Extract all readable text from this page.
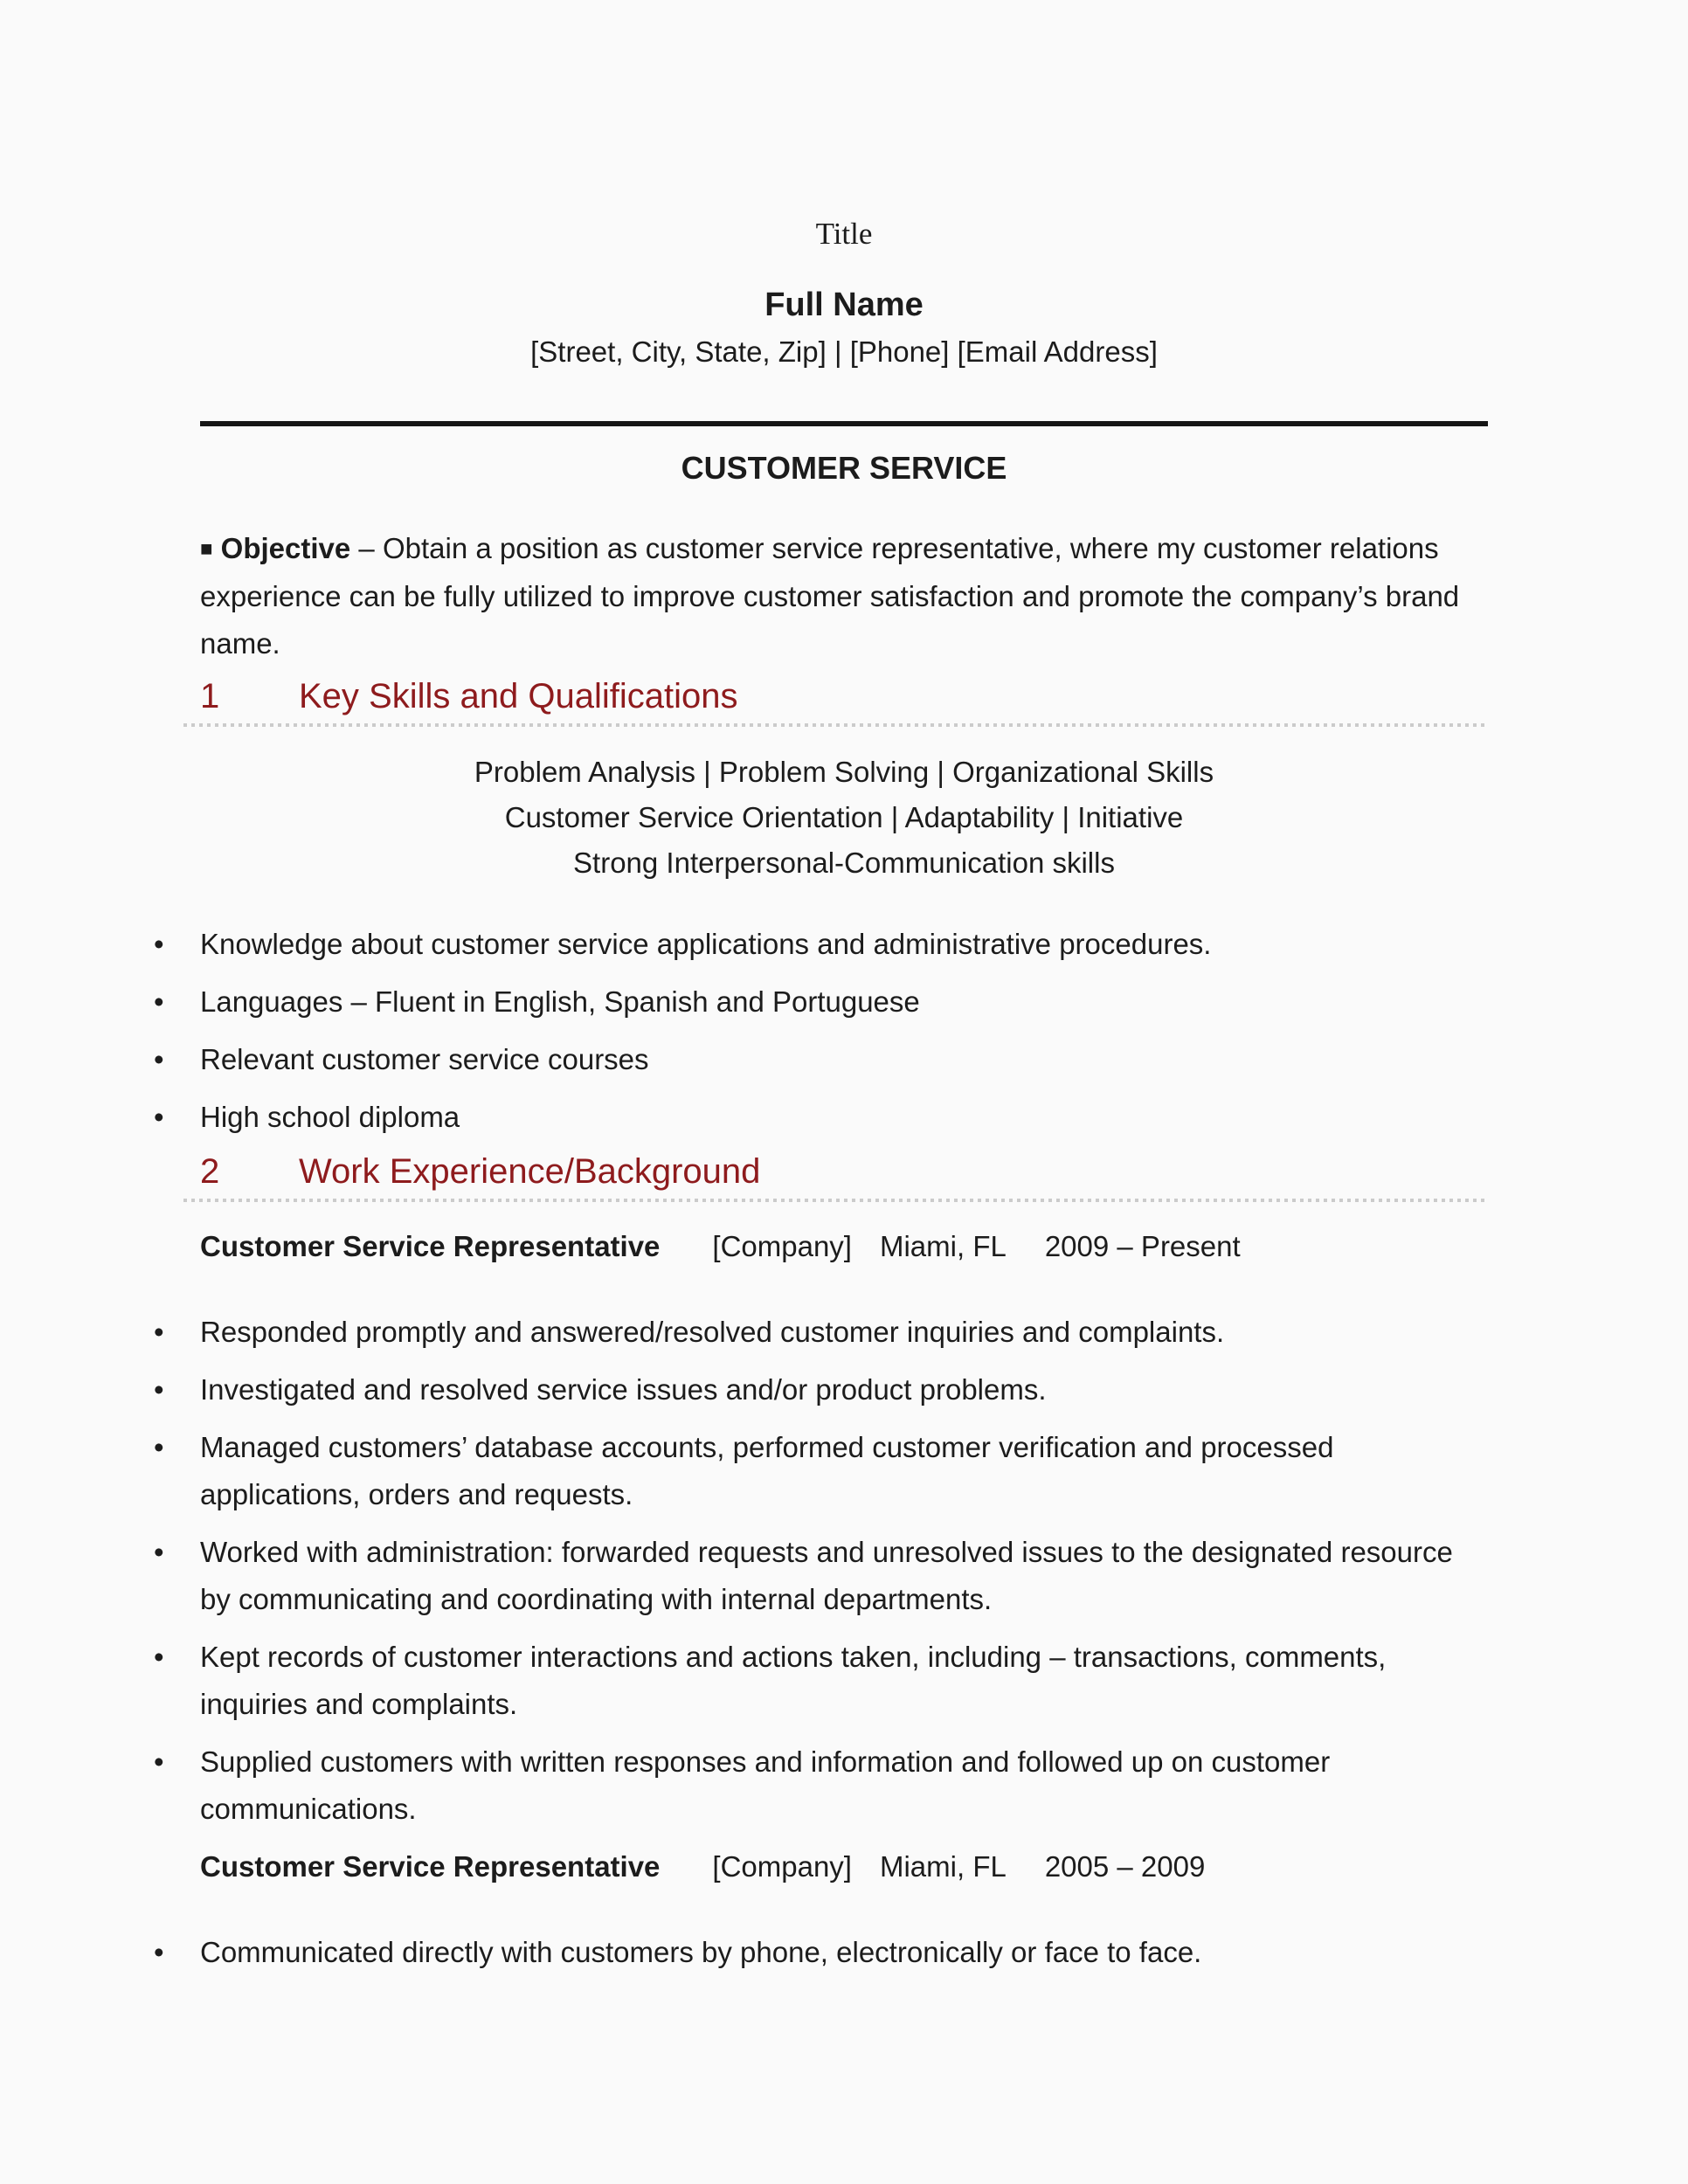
Title
Full Name
[Street, City, State, Zip] | [Phone] [Email Address]
CUSTOMER SERVICE

■ Objective – Obtain a position as customer service representative, where my customer relations experience can be fully utilized to improve customer satisfaction and promote the company’s brand name.

1 Key Skills and Qualifications
Problem Analysis | Problem Solving | Organizational Skills
Customer Service Orientation | Adaptability | Initiative
Strong Interpersonal-Communication skills
• Knowledge about customer service applications and administrative procedures.
• Languages – Fluent in English, Spanish and Portuguese
• Relevant customer service courses
• High school diploma
2 Work Experience/Background
Customer Service Representative [Company] Miami, FL 2009 – Present
• Responded promptly and answered/resolved customer inquiries and complaints.
• Investigated and resolved service issues and/or product problems.
• Managed customers’ database accounts, performed customer verification and processed applications, orders and requests.
• Worked with administration: forwarded requests and unresolved issues to the designated resource by communicating and coordinating with internal departments.
• Kept records of customer interactions and actions taken, including – transactions, comments, inquiries and complaints.
• Supplied customers with written responses and information and followed up on customer communications.
Customer Service Representative [Company] Miami, FL 2005 – 2009
• Communicated directly with customers by phone, electronically or face to face.
